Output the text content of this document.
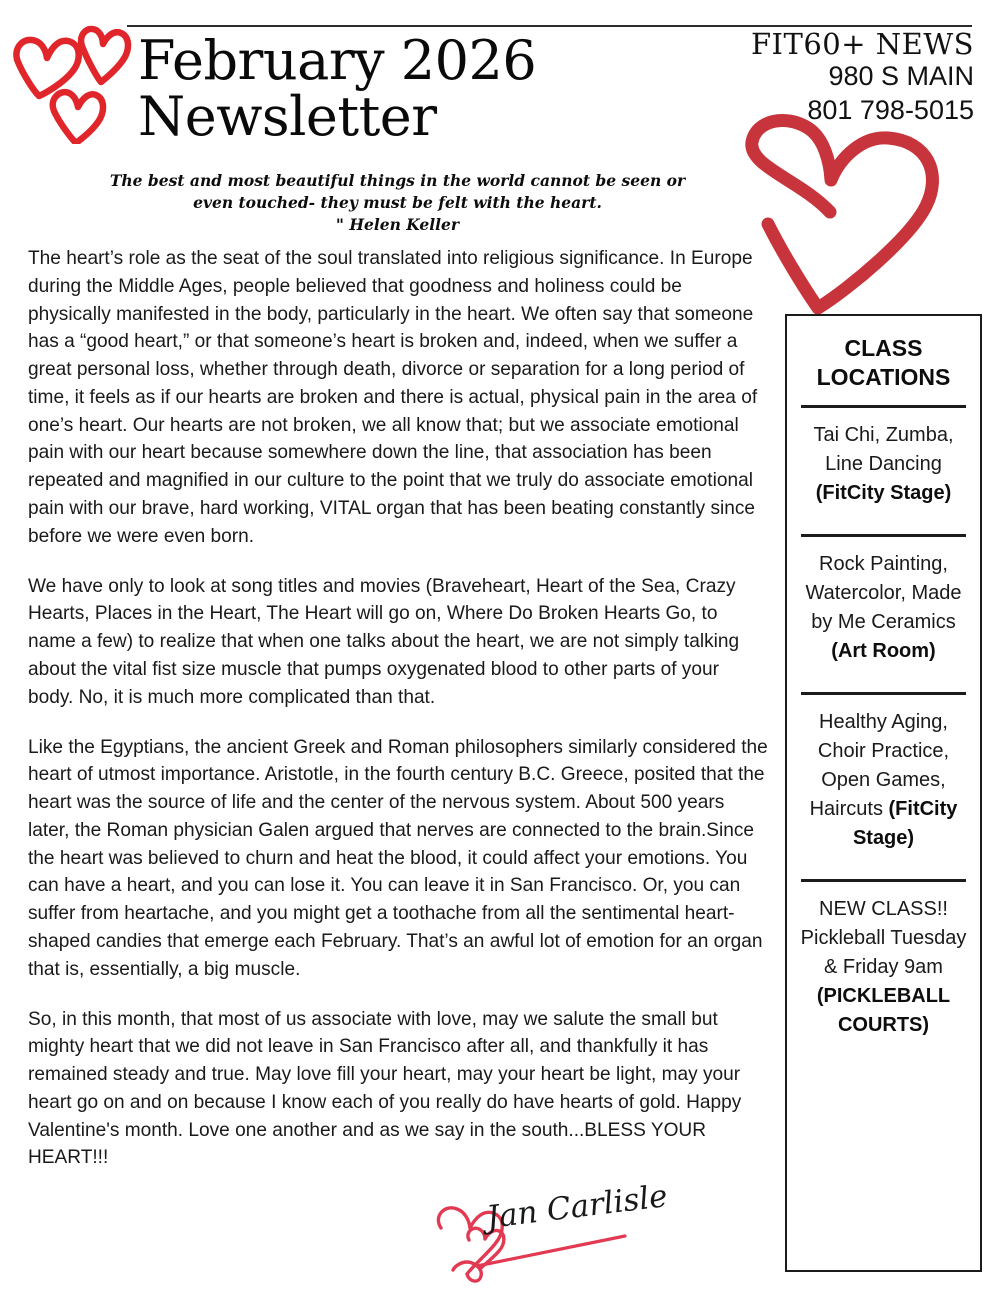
February 2026
Newsletter
FIT60+ NEWS
980 S MAIN
801 798-5015
The best and most beautiful things in the world cannot be seen or even touched- they must be felt with the heart.
" Helen Keller

The heart’s role as the seat of the soul translated into religious significance. In Europe during the Middle Ages, people believed that goodness and holiness could be physically manifested in the body, particularly in the heart. We often say that someone has a “good heart,” or that someone’s heart is broken and, indeed, when we suffer a great personal loss, whether through death, divorce or separation for a long period of time, it feels as if our hearts are broken and there is actual, physical pain in the area of one’s heart. Our hearts are not broken, we all know that; but we associate emotional pain with our heart because somewhere down the line, that association has been repeated and magnified in our culture to the point that we truly do associate emotional pain with our brave, hard working, VITAL organ that has been beating constantly since before we were even born.

We have only to look at song titles and movies (Braveheart, Heart of the Sea, Crazy Hearts, Places in the Heart, The Heart will go on, Where Do Broken Hearts Go, to name a few) to realize that when one talks about the heart, we are not simply talking about the vital fist size muscle that pumps oxygenated blood to other parts of your body. No, it is much more complicated than that.

Like the Egyptians, the ancient Greek and Roman philosophers similarly considered the heart of utmost importance. Aristotle, in the fourth century B.C. Greece, posited that the heart was the source of life and the center of the nervous system. About 500 years later, the Roman physician Galen argued that nerves are connected to the brain.Since the heart was believed to churn and heat the blood, it could affect your emotions. You can have a heart, and you can lose it. You can leave it in San Francisco. Or, you can suffer from heartache, and you might get a toothache from all the sentimental heart-shaped candies that emerge each February. That’s an awful lot of emotion for an organ that is, essentially, a big muscle.

So, in this month, that most of us associate with love, may we salute the small but mighty heart that we did not leave in San Francisco after all, and thankfully it has remained steady and true. May love fill your heart, may your heart be light, may your heart go on and on because I know each of you really do have hearts of gold. Happy Valentine's month. Love one another and as we say in the south...BLESS YOUR HEART!!!

Jan Carlisle
CLASS LOCATIONS
Tai Chi, Zumba, Line Dancing (FitCity Stage)
Rock Painting, Watercolor, Made by Me Ceramics (Art Room)
Healthy Aging, Choir Practice, Open Games, Haircuts (FitCity Stage)
NEW CLASS!! Pickleball Tuesday & Friday 9am (PICKLEBALL COURTS)
